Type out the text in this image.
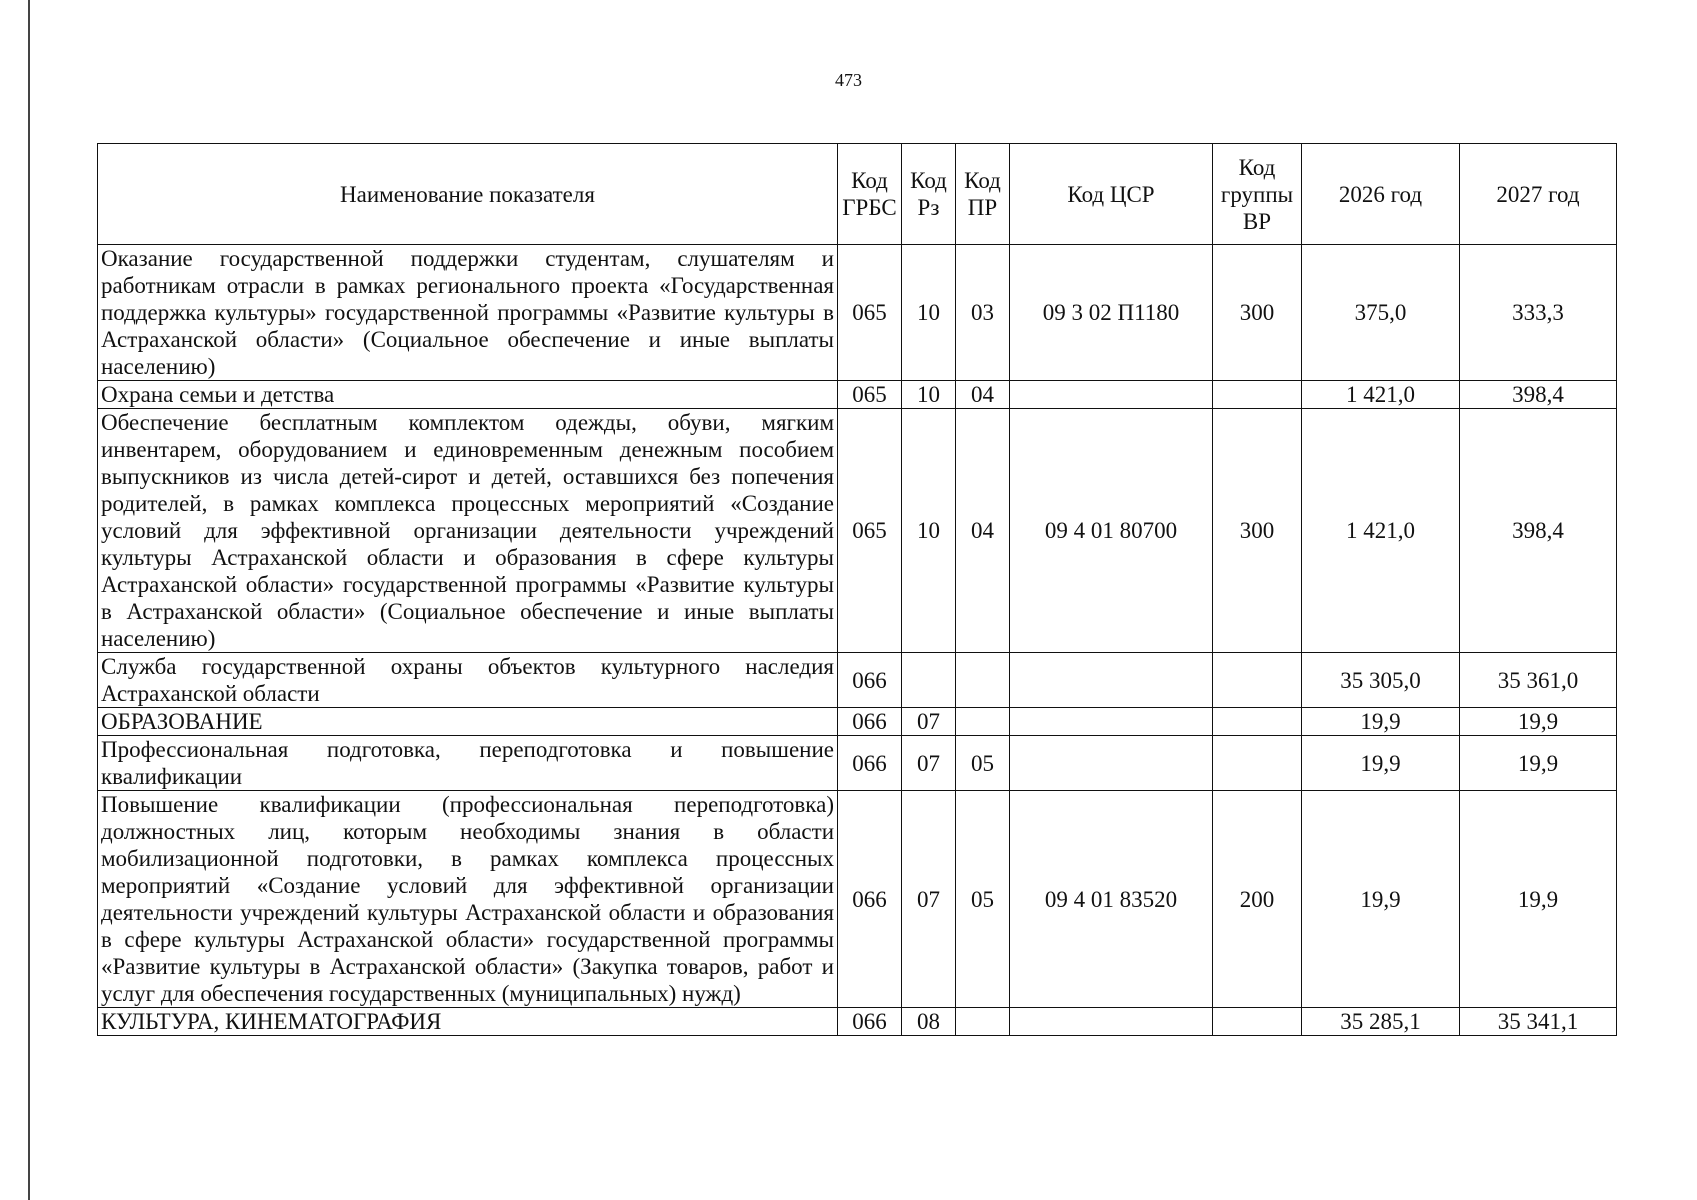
473
Наименование показателя	Код ГРБС	Код Рз	Код ПР	Код ЦСР	Код группы ВР	2026 год	2027 год
Оказание государственной поддержки студентам, слушателям и работникам отрасли в рамках регионального проекта «Государственная поддержка культуры» государственной программы «Развитие культуры в Астраханской области» (Социальное обеспечение и иные выплаты населению)	065	10	03	09 3 02 П1180	300	375,0	333,3
Охрана семьи и детства	065	10	04			1 421,0	398,4
Обеспечение бесплатным комплектом одежды, обуви, мягким инвентарем, оборудованием и единовременным денежным пособием выпускников из числа детей-сирот и детей, оставшихся без попечения родителей, в рамках комплекса процессных мероприятий «Создание условий для эффективной организации деятельности учреждений культуры Астраханской области и образования в сфере культуры Астраханской области» государственной программы «Развитие культуры в Астраханской области» (Социальное обеспечение и иные выплаты населению)	065	10	04	09 4 01 80700	300	1 421,0	398,4
Служба государственной охраны объектов культурного наследия Астраханской области	066					35 305,0	35 361,0
ОБРАЗОВАНИЕ	066	07				19,9	19,9
Профессиональная подготовка, переподготовка и повышение квалификации	066	07	05			19,9	19,9
Повышение квалификации (профессиональная переподготовка) должностных лиц, которым необходимы знания в области мобилизационной подготовки, в рамках комплекса процессных мероприятий «Создание условий для эффективной организации деятельности учреждений культуры Астраханской области и образования в сфере культуры Астраханской области» государственной программы «Развитие культуры в Астраханской области» (Закупка товаров, работ и услуг для обеспечения государственных (муниципальных) нужд)	066	07	05	09 4 01 83520	200	19,9	19,9
КУЛЬТУРА, КИНЕМАТОГРАФИЯ	066	08				35 285,1	35 341,1
